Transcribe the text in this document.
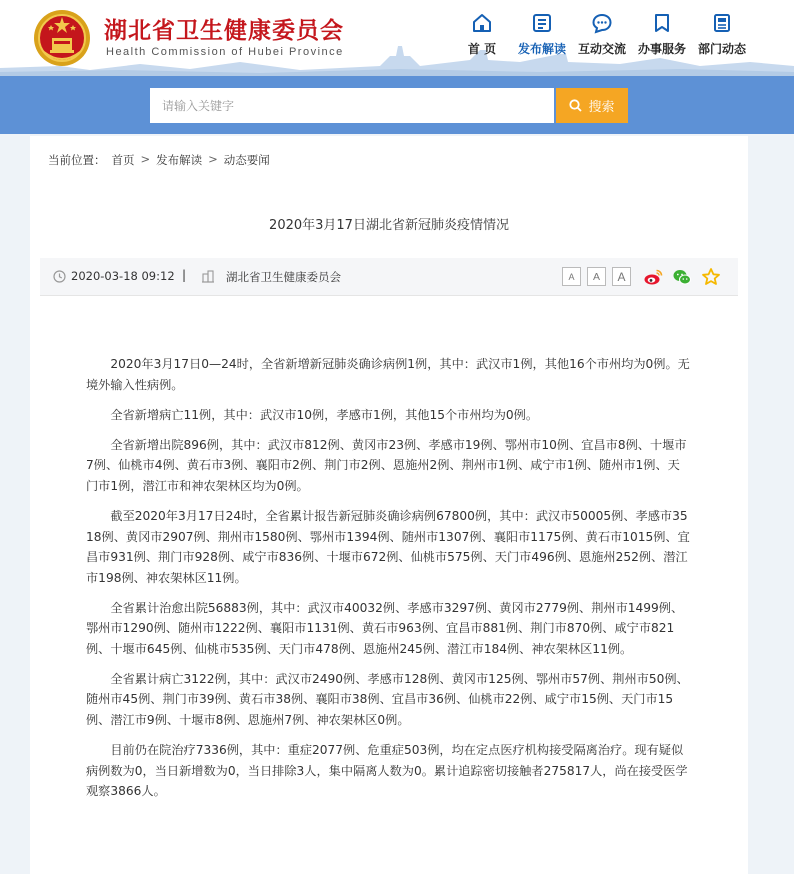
湖北省卫生健康委员会
Health Commission of Hubei Province	首 页 发布解读 互动交流 办事服务 部门动态
请输入关键字
搜索
当前位置： 首页 > 发布解读 > 动态要闻
2020年3月17日湖北省新冠肺炎疫情情况
2020-03-18 09:12 |	湖北省卫生健康委员会	A	A	A

2020年3月17日0—24时，全省新增新冠肺炎确诊病例1例，其中：武汉市1例，其他16个市州均为0例。无境外输入性病例。

全省新增病亡11例，其中：武汉市10例，孝感市1例，其他15个市州均为0例。

全省新增出院896例，其中：武汉市812例、黄冈市23例、孝感市19例、鄂州市10例、宜昌市8例、十堰市7例、仙桃市4例、黄石市3例、襄阳市2例、荆门市2例、恩施州2例、荆州市1例、咸宁市1例、随州市1例、天门市1例，潜江市和神农架林区均为0例。

截至2020年3月17日24时，全省累计报告新冠肺炎确诊病例67800例，其中：武汉市50005例、孝感市3518例、黄冈市2907例、荆州市1580例、鄂州市1394例、随州市1307例、襄阳市1175例、黄石市1015例、宜昌市931例、荆门市928例、咸宁市836例、十堰市672例、仙桃市575例、天门市496例、恩施州252例、潜江市198例、神农架林区11例。

全省累计治愈出院56883例，其中：武汉市40032例、孝感市3297例、黄冈市2779例、荆州市1499例、鄂州市1290例、随州市1222例、襄阳市1131例、黄石市963例、宜昌市881例、荆门市870例、咸宁市821例、十堰市645例、仙桃市535例、天门市478例、恩施州245例、潜江市184例、神农架林区11例。

全省累计病亡3122例，其中：武汉市2490例、孝感市128例、黄冈市125例、鄂州市57例、荆州市50例、随州市45例、荆门市39例、黄石市38例、襄阳市38例、宜昌市36例、仙桃市22例、咸宁市15例、天门市15例、潜江市9例、十堰市8例、恩施州7例、神农架林区0例。

目前仍在院治疗7336例，其中：重症2077例、危重症503例，均在定点医疗机构接受隔离治疗。现有疑似病例数为0，当日新增数为0，当日排除3人，集中隔离人数为0。累计追踪密切接触者275817人，尚在接受医学观察3866人。
